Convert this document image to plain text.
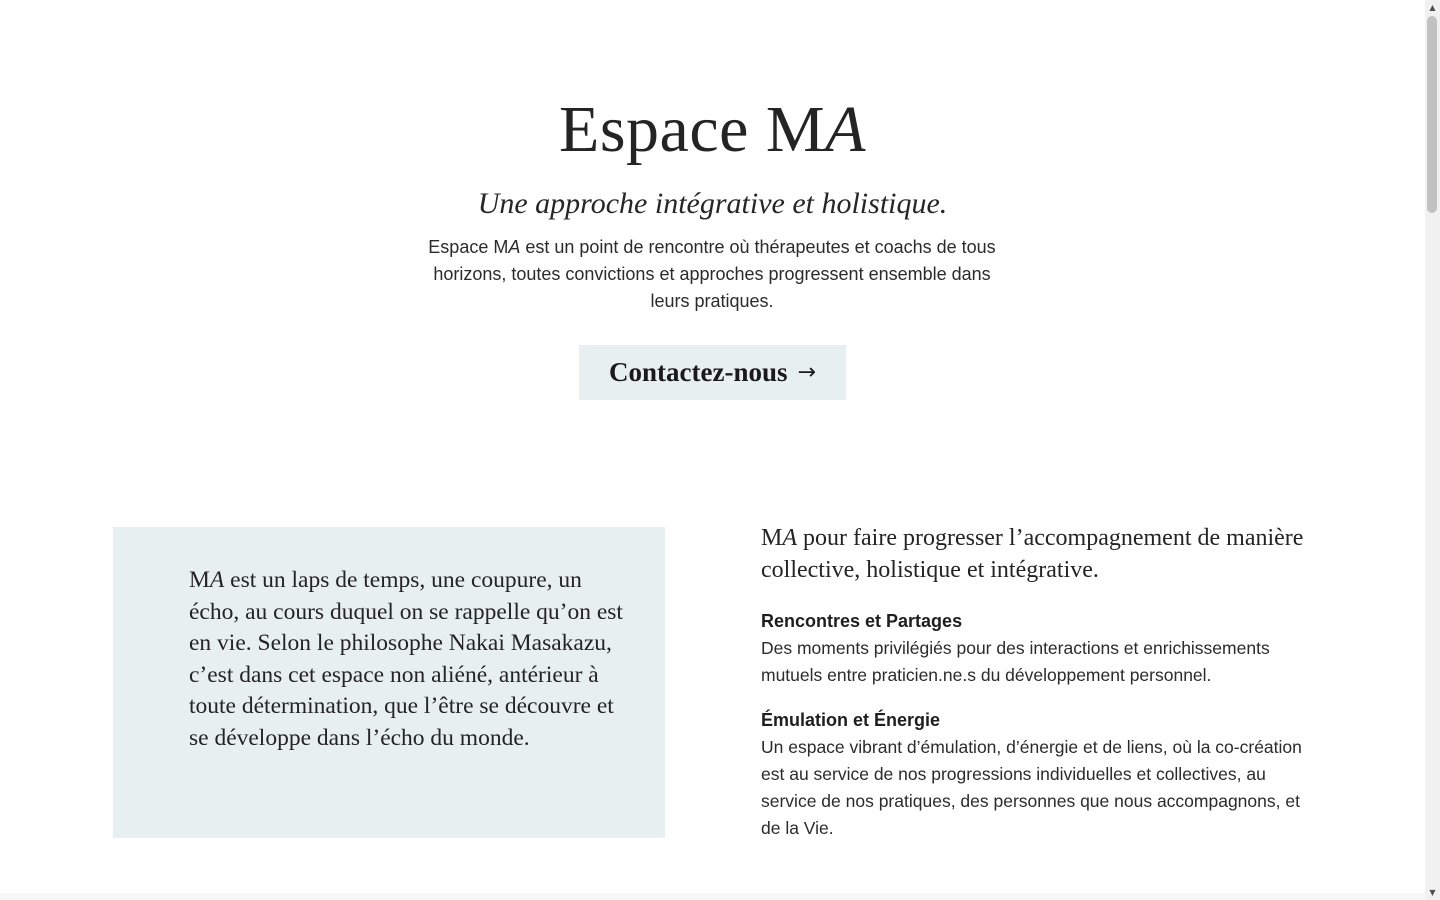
Espace MA
Une approche intégrative et holistique.

Espace MA est un point de rencontre où thérapeutes et coachs de tous horizons, toutes convictions et approches progressent ensemble dans leurs pratiques.

Contactez-nous →

MA est un laps de temps, une coupure, un écho, au cours duquel on se rappelle qu’on est en vie. Selon le philosophe Nakai Masakazu, c’est dans cet espace non aliéné, antérieur à toute détermination, que l’être se découvre et se développe dans l’écho du monde.

MA pour faire progresser l’accompagnement de manière collective, holistique et intégrative.

Rencontres et Partages

Des moments privilégiés pour des interactions et enrichissements mutuels entre praticien.ne.s du développement personnel.

Émulation et Énergie

Un espace vibrant d’émulation, d’énergie et de liens, où la co-création est au service de nos progressions individuelles et collectives, au service de nos pratiques, des personnes que nous accompagnons, et de la Vie.

▲
▼
